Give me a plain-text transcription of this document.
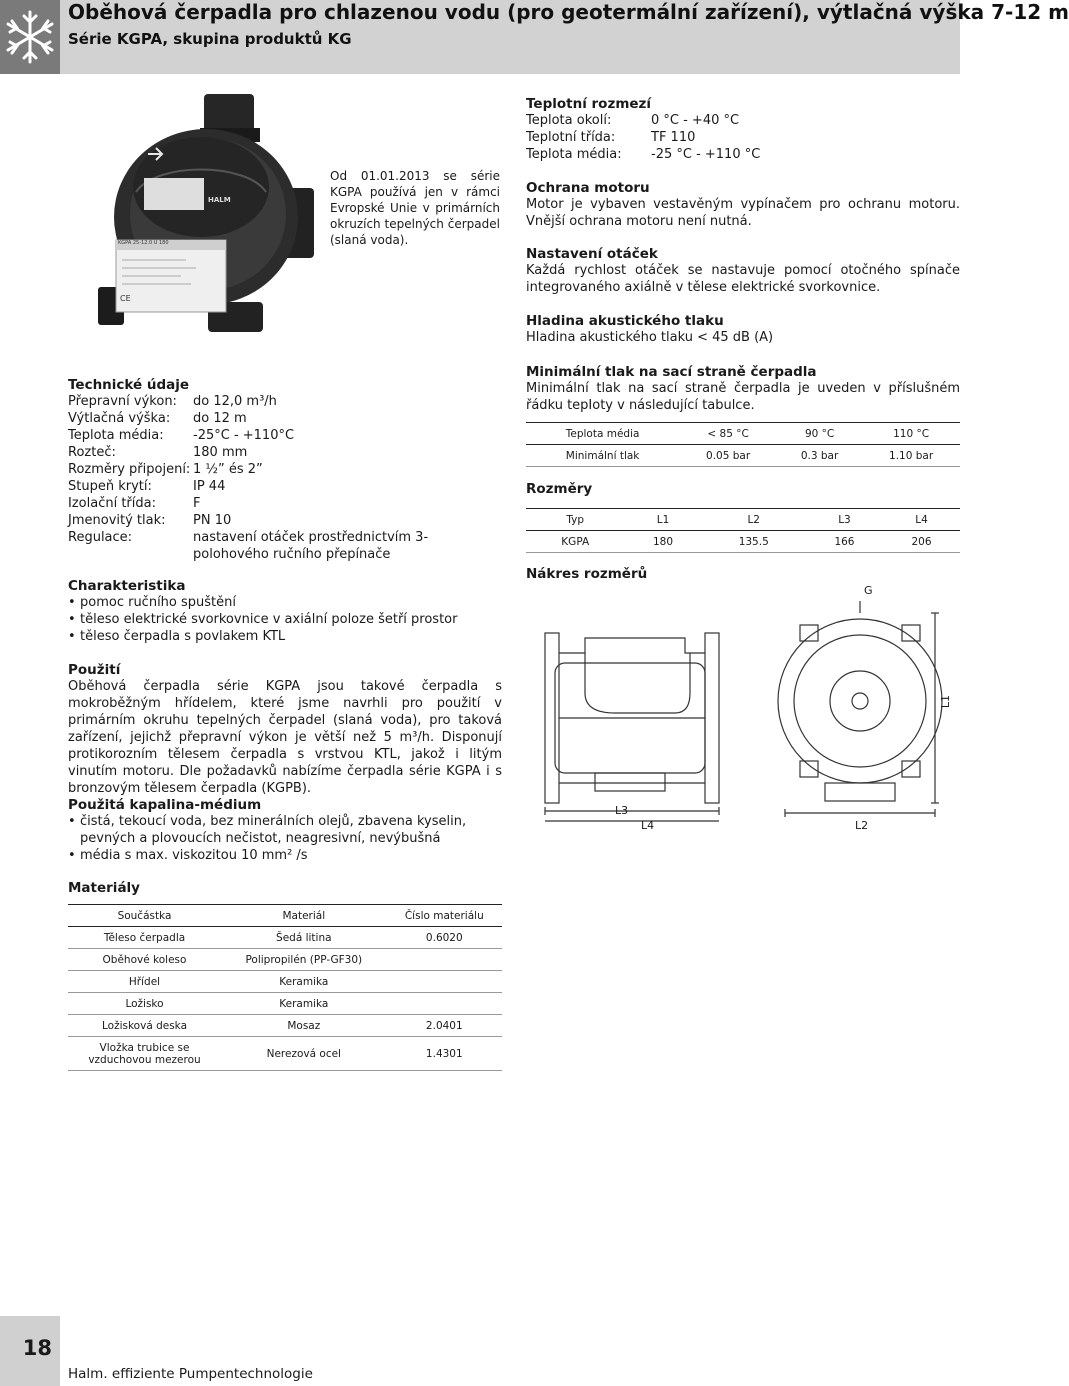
Oběhová čerpadla pro chlazenou vodu (pro geotermální zařízení), výtlačná výška 7-12 m
Série KGPA, skupina produktů KG
KGPA 25-12.0 U 180
HALM
CE
Od 01.01.2013 se série KGPA používá jen v rámci Evropské Unie v primárních okruzích tepelných čerpadel (slaná voda).
Teplotní rozmezí
Teplota okolí:	0 °C - +40 °C
Teplotní třída:	TF 110
Teplota média:	-25 °C - +110 °C
Ochrana motoru
Motor je vybaven vestavěným vypínačem pro ochranu motoru. Vnější ochrana motoru není nutná.
Nastavení otáček
Každá rychlost otáček se nastavuje pomocí otočného spínače integrovaného axiálně v tělese elektrické svorkovnice.
Hladina akustického tlaku
Hladina akustického tlaku < 45 dB (A)
Minimální tlak na sací straně čerpadla
Minimální tlak na sací straně čerpadla je uveden v příslušném řádku tepIoty v následující tabulce.
Teplota média	< 85 °C	90 °C	110 °C
Minimální tlak	0.05 bar	0.3 bar	1.10 bar
Rozměry
Typ	L1	L2	L3	L4
KGPA	180	135.5	166	206
Nákres rozměrů
G
L1
L3
L4	L2
Technické údaje
Přepravní výkon:	do 12,0 m³/h
Výtlačná výška:	do 12 m
Teplota média:	-25°C - +110°C
Rozteč:	180 mm
Rozměry připojení: 1 ½” és 2”
Stupeň krytí:	IP 44
Izolační třída:	F
Jmenovitý tlak:	PN 10
Regulace:	nastavení otáček prostřednictvím 3-polohového ručního přepínače
Charakteristika
• pomoc ručního spuštění
• těleso elektrické svorkovnice v axiální poloze šetří prostor
• těleso čerpadla s povlakem KTL
Použití
Oběhová čerpadla série KGPA jsou takové čerpadla s mokroběžným hřídelem, které jsme navrhli pro použití v primárním okruhu tepelných čerpadel (slaná voda), pro taková zařízení, jejichž přepravní výkon je větší než 5 m³/h. Disponují protikorozním tělesem čerpadla s vrstvou KTL, jakož i litým vinutím motoru. Dle požadavků nabízíme čerpadla série KGPA i s bronzovým tělesem čerpadla (KGPB).
Použitá kapalina-médium
• čistá, tekoucí voda, bez minerálních olejů, zbavena kyselin, pevných a plovoucích nečistot, neagresivní, nevýbušná
• média s max. viskozitou 10 mm² /s
Materiály
Součástka	Materiál	Číslo materiálu
Těleso čerpadla	Šedá litina	0.6020
Oběhové koleso	Polipropilén (PP-GF30)	
Hřídel	Keramika	
Ložisko	Keramika	
Ložisková deska	Mosaz	2.0401
Vložka trubice se vzduchovou mezerou	Nerezová ocel	1.4301
18
Halm. effiziente Pumpentechnologie
